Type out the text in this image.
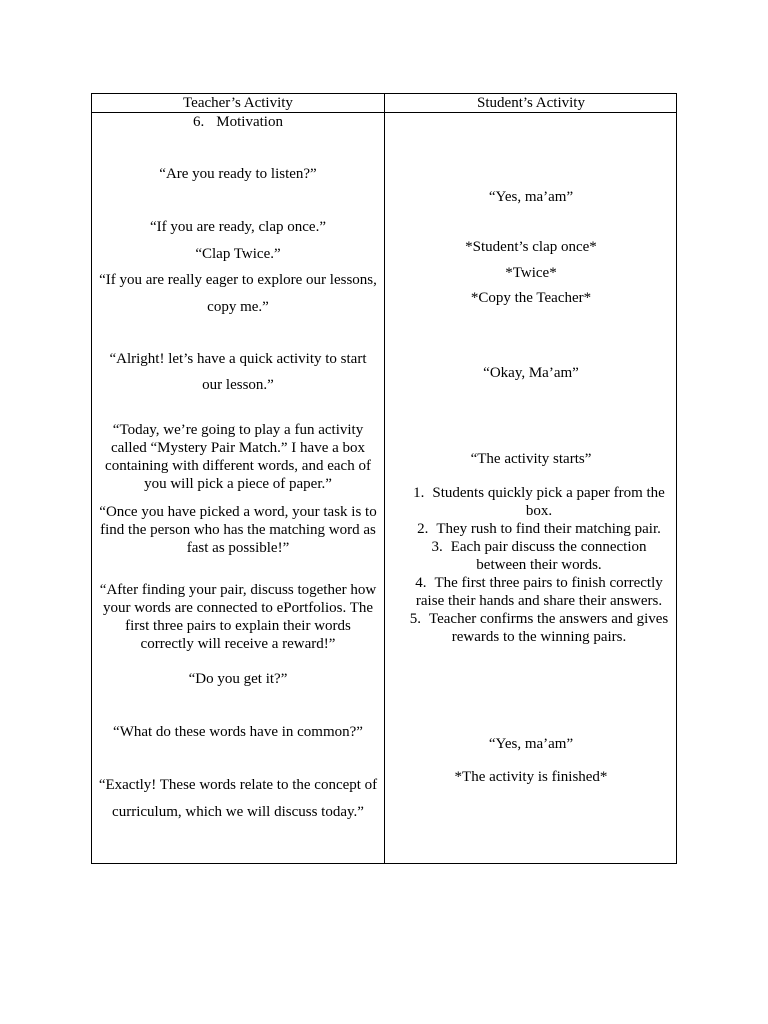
Teacher’s Activity	Student’s Activity
6. Motivation
“Are you ready to listen?”
“If you are ready, clap once.”
“Clap Twice.”
“If you are really eager to explore our lessons,
copy me.”
“Alright! let’s have a quick activity to start
our lesson.”
“Today, we’re going to play a fun activity called “Mystery Pair Match.” I have a box containing with different words, and each of you will pick a piece of paper.”
“Once you have picked a word, your task is to find the person who has the matching word as fast as possible!”
“After finding your pair, discuss together how your words are connected to ePortfolios. The first three pairs to explain their words correctly will receive a reward!”
“Do you get it?”
“What do these words have in common?”
“Exactly! These words relate to the concept of
curriculum, which we will discuss today.”
“Yes, ma’am”
*Student’s clap once*
*Twice*
*Copy the Teacher*
“Okay, Ma’am”
“The activity starts”
1. Students quickly pick a paper from the box.
2. They rush to find their matching pair.
3. Each pair discuss the connection between their words.
4. The first three pairs to finish correctly raise their hands and share their answers.
5. Teacher confirms the answers and gives rewards to the winning pairs.
“Yes, ma’am”
*The activity is finished*
